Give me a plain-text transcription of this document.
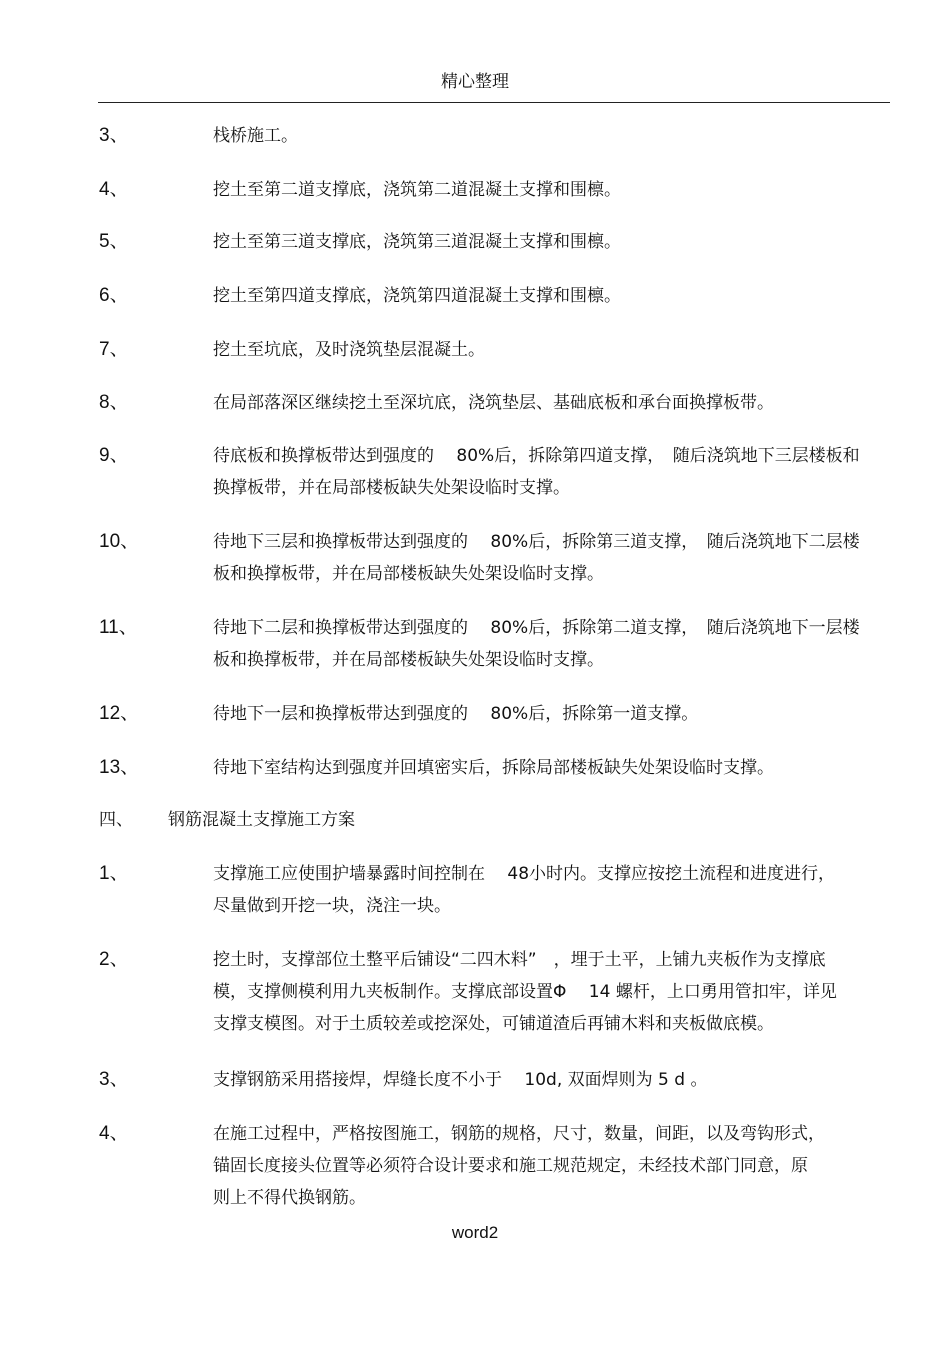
精心整理
3、	栈桥施工。
4、	挖土至第二道支撑底，浇筑第二道混凝土支撑和围檩。
5、	挖土至第三道支撑底，浇筑第三道混凝土支撑和围檩。
6、	挖土至第四道支撑底，浇筑第四道混凝土支撑和围檩。
7、	挖土至坑底，及时浇筑垫层混凝土。
8、	在局部落深区继续挖土至深坑底，浇筑垫层、基础底板和承台面换撑板带。
9、	待底板和换撑板带达到强度的　 80%后，拆除第四道支撑，　随后浇筑地下三层楼板和
换撑板带，并在局部楼板缺失处架设临时支撑。
10、	待地下三层和换撑板带达到强度的　 80%后，拆除第三道支撑，　随后浇筑地下二层楼
板和换撑板带，并在局部楼板缺失处架设临时支撑。
11、	待地下二层和换撑板带达到强度的　 80%后，拆除第二道支撑，　随后浇筑地下一层楼
板和换撑板带，并在局部楼板缺失处架设临时支撑。
12、	待地下一层和换撑板带达到强度的　 80%后，拆除第一道支撑。
13、	待地下室结构达到强度并回填密实后，拆除局部楼板缺失处架设临时支撑。
四、 钢筋混凝土支撑施工方案
1、	支撑施工应使围护墙暴露时间控制在　 48小时内。支撑应按挖土流程和进度进行，
尽量做到开挖一块，浇注一块。
2、	挖土时，支撑部位土整平后铺设“二四木料”　，埋于土平，上铺九夹板作为支撑底
模，支撑侧模利用九夹板制作。支撑底部设置Φ　 14 螺杆，上口勇用管扣牢，详见
支撑支模图。对于土质较差或挖深处，可铺道渣后再铺木料和夹板做底模。
3、	支撑钢筋采用搭接焊，焊缝长度不小于　 10d, 双面焊则为 5 d 。
4、	在施工过程中，严格按图施工，钢筋的规格，尺寸，数量，间距，以及弯钩形式，
锚固长度接头位置等必须符合设计要求和施工规范规定，未经技术部门同意，原
则上不得代换钢筋。
word2
